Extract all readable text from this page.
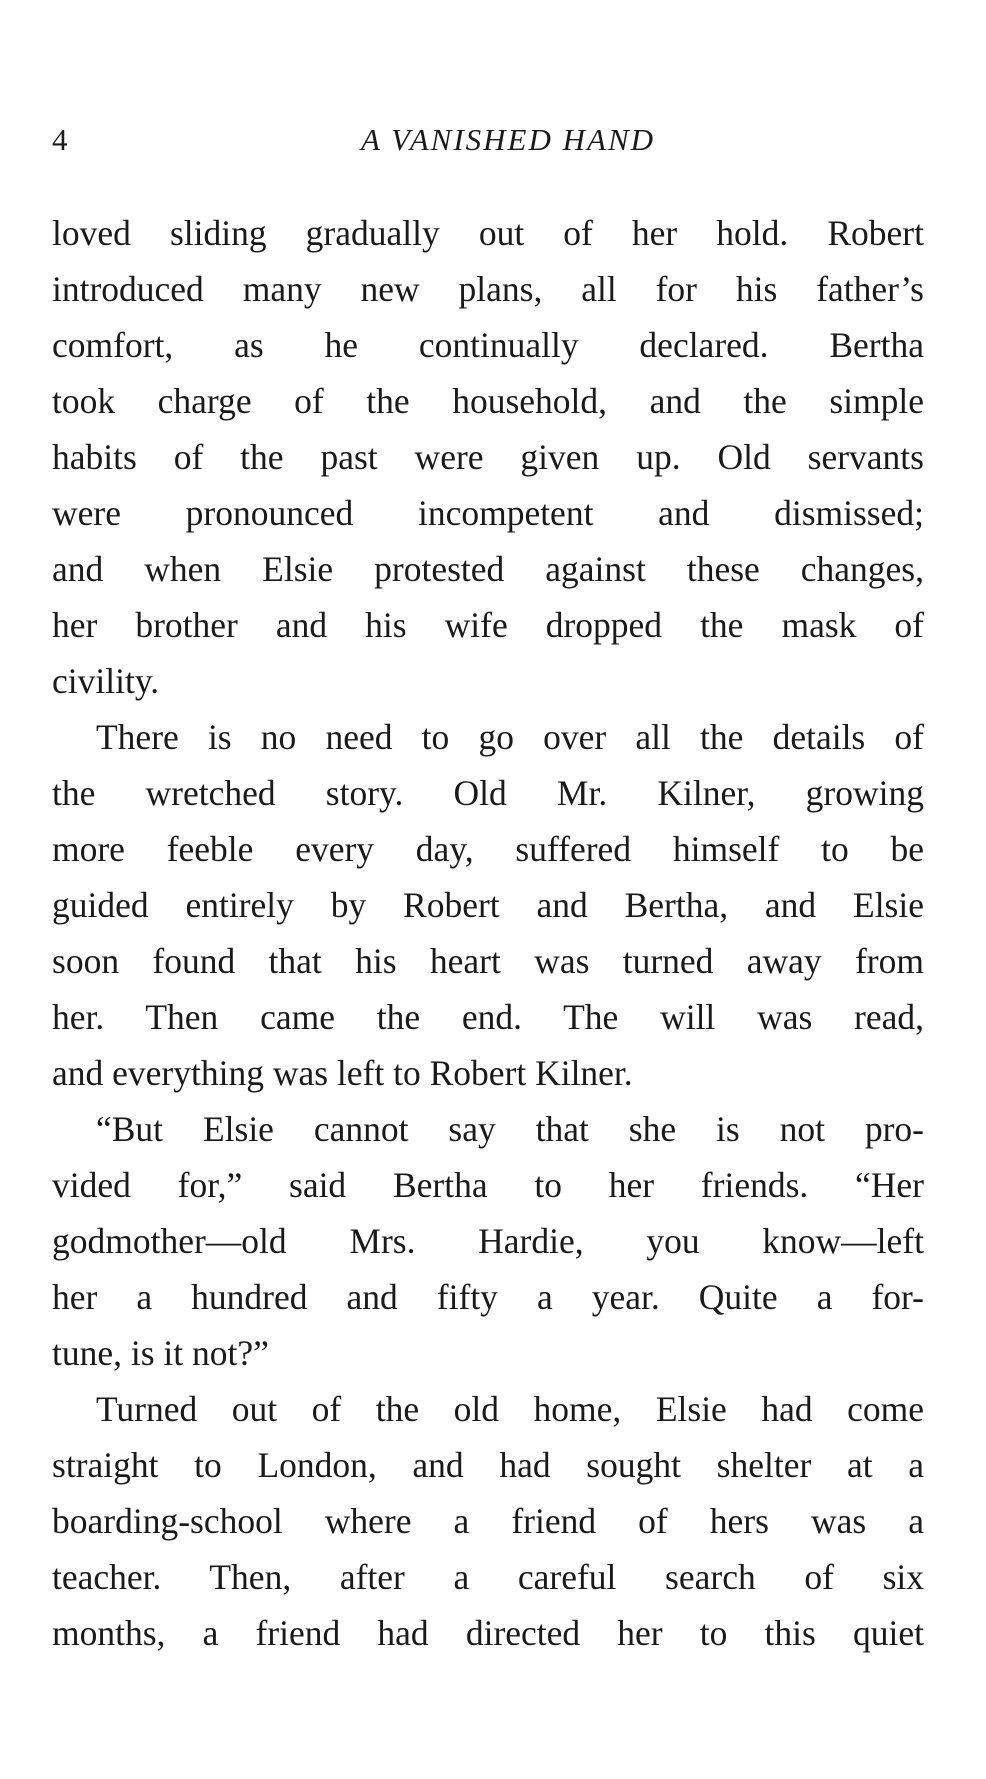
4	A VANISHED HAND

loved sliding gradually out of her hold. Robert
introduced many new plans, all for his father’s
comfort, as he continually declared. Bertha
took charge of the household, and the simple
habits of the past were given up. Old servants
were pronounced incompetent and dismissed;
and when Elsie protested against these changes,
her brother and his wife dropped the mask of
civility.

There is no need to go over all the details of
the wretched story. Old Mr. Kilner, growing
more feeble every day, suffered himself to be
guided entirely by Robert and Bertha, and Elsie
soon found that his heart was turned away from
her. Then came the end. The will was read,
and everything was left to Robert Kilner.

“But Elsie cannot say that she is not pro-
vided for,” said Bertha to her friends. “Her
godmother—old Mrs. Hardie, you know—left
her a hundred and fifty a year. Quite a for-
tune, is it not?”

Turned out of the old home, Elsie had come
straight to London, and had sought shelter at a
boarding-school where a friend of hers was a
teacher. Then, after a careful search of six
months, a friend had directed her to this quiet
